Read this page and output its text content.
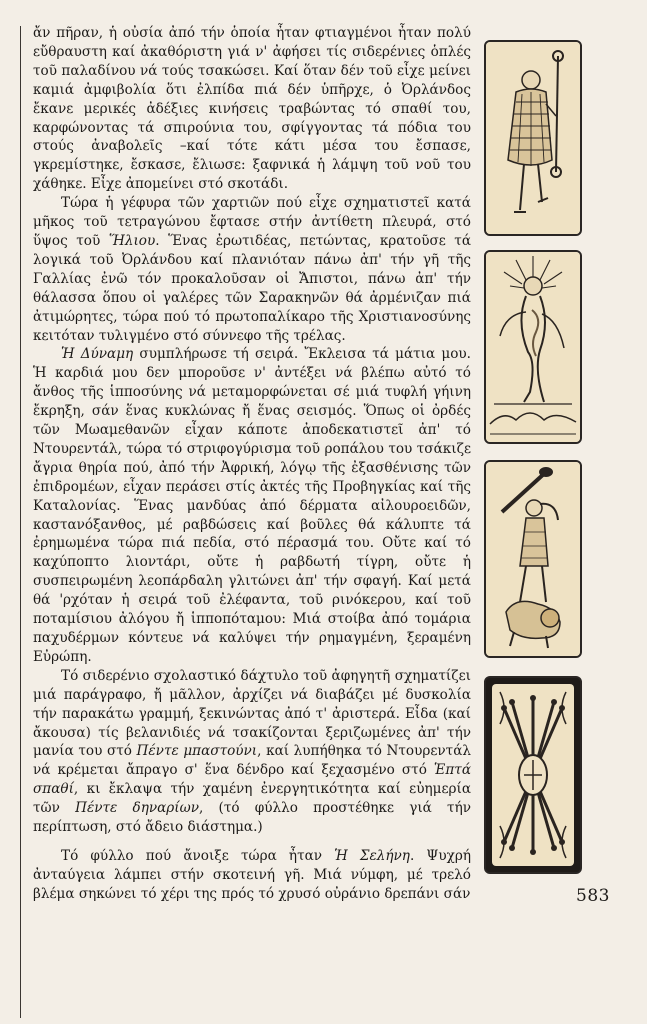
ἄν πῆραν, ἡ οὐσία ἀπό τήν ὁποία ἦταν φτιαγμένοι ἦταν πολύ εὔθραυστη καί ἀκαθόριστη γιά ν' ἀφήσει τίς σιδερένιες ὁπλές τοῦ παλαδίνου νά τούς τσακώσει. Καί ὅταν δέν τοῦ εἶχε μείνει καμιά ἀμφιβολία ὅτι ἐλπίδα πιά δέν ὑπῆρχε, ὁ Ὀρλάνδος ἔκανε μερικές ἀδέξιες κινήσεις τραβώντας τό σπαθί του, καρφώνοντας τά σπιρούνια του, σφίγγοντας τά πόδια του στούς ἀναβολεῖς –καί τότε κάτι μέσα του ἔσπασε, γκρεμίστηκε, ἔσκασε, ἔλιωσε: ξαφνικά ἡ λάμψη τοῦ νοῦ του χάθηκε. Εἶχε ἀπομείνει στό σκοτάδι.

Τώρα ἡ γέφυρα τῶν χαρτιῶν πού εἶχε σχηματιστεῖ κατά μῆκος τοῦ τετραγώνου ἔφτασε στήν ἀντίθετη πλευρά, στό ὕψος τοῦ Ἥλιου. Ἕνας ἐρωτιδέας, πετώντας, κρατοῦσε τά λογικά τοῦ Ὀρλάνδου καί πλανιόταν πάνω ἀπ' τήν γῆ τῆς Γαλλίας ἐνῶ τόν προκαλοῦσαν οἱ Ἄπιστοι, πάνω ἀπ' τήν θάλασσα ὅπου οἱ γαλέρες τῶν Σαρακηνῶν θά ἀρμένιζαν πιά ἀτιμώρητες, τώρα πού τό πρωτοπαλίκαρο τῆς Χριστιανοσύνης κειτόταν τυλιγμένο στό σύννεφο τῆς τρέλας.

Ἡ Δύναμη συμπλήρωσε τή σειρά. Ἔκλεισα τά μάτια μου. Ἡ καρδιά μου δεν μποροῦσε ν' ἀντέξει νά βλέπω αὐτό τό ἄνθος τῆς ἱπποσύνης νά μεταμορφώνεται σέ μιά τυφλή γήινη ἔκρηξη, σάν ἕνας κυκλώνας ἤ ἕνας σεισμός. Ὅπως οἱ ὀρδές τῶν Μωαμεθανῶν εἶχαν κάποτε ἀποδεκατιστεῖ ἀπ' τό Ντουρεντάλ, τώρα τό στριφογύρισμα τοῦ ροπάλου του τσάκιζε ἄγρια θηρία πού, ἀπό τήν Ἀφρική, λόγῳ τῆς ἐξασθένισης τῶν ἐπιδρομέων, εἶχαν περάσει στίς ἀκτές τῆς Προβηγκίας καί τῆς Καταλονίας. Ἕνας μανδύας ἀπό δέρματα αἰλουροειδῶν, καστανόξανθος, μέ ραβδώσεις καί βοῦλες θά κάλυπτε τά ἐρημωμένα τώρα πιά πεδία, στό πέρασμά του. Οὔτε καί τό καχύποπτο λιοντάρι, οὔτε ἡ ραβδωτή τίγρη, οὔτε ἡ συσπειρωμένη λεοπάρδαλη γλιτώνει ἀπ' τήν σφαγή. Καί μετά θά 'ρχόταν ἡ σειρά τοῦ ἐλέφαντα, τοῦ ρινόκερου, καί τοῦ ποταμίσιου ἀλόγου ἤ ἱπποπόταμου: Μιά στοίβα ἀπό τομάρια παχυδέρμων κόντευε νά καλύψει τήν ρημαγμένη, ξεραμένη Εὐρώπη.

Τό σιδερένιο σχολαστικό δάχτυλο τοῦ ἀφηγητῆ σχηματίζει μιά παράγραφο, ἤ μᾶλλον, ἀρχίζει νά διαβάζει μέ δυσκολία τήν παρακάτω γραμμή, ξεκινώντας ἀπό τ' ἀριστερά. Εἶδα (καί ἄκουσα) τίς βελανιδιές νά τσακίζονται ξεριζωμένες ἀπ' τήν μανία του στό Πέντε μπαστούνι, καί λυπήθηκα τό Ντουρεντάλ νά κρέμεται ἄπραγο σ' ἕνα δένδρο καί ξεχασμένο στό Ἑπτά σπαθί, κι ἔκλαψα τήν χαμένη ἐνεργητικότητα καί εὐημερία τῶν Πέντε δηναρίων, (τό φύλλο προστέθηκε γιά τήν περίπτωση, στό ἄδειο διάστημα.)

Τό φύλλο πού ἄνοιξε τώρα ἦταν Ἡ Σελήνη. Ψυχρή ἀνταύγεια λάμπει στήν σκοτεινή γῆ. Μιά νύμφη, μέ τρελό βλέμα σηκώνει τό χέρι της πρός τό χρυσό οὐράνιο δρεπάνι σάν	583
